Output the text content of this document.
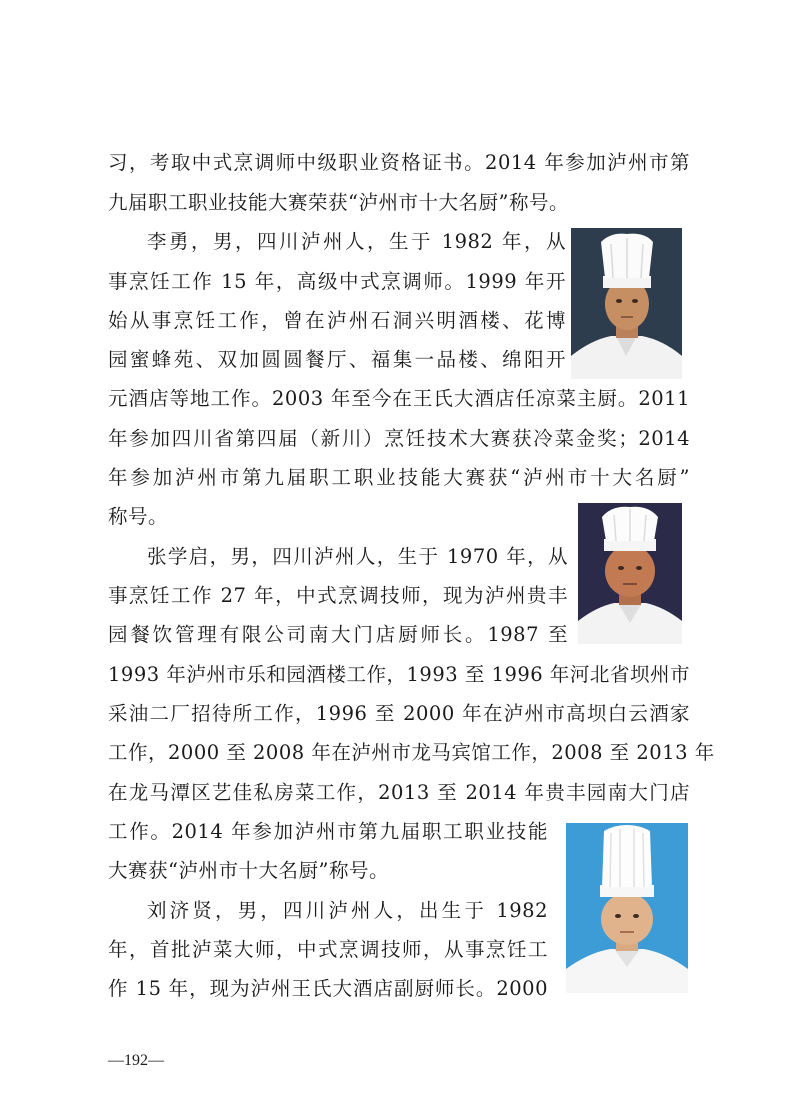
习，考取中式烹调师中级职业资格证书。2014 年参加泸州市第
九届职工职业技能大赛荣获“泸州市十大名厨”称号。
李勇，男，四川泸州人，生于 1982 年，从
事烹饪工作 15 年，高级中式烹调师。1999 年开
始从事烹饪工作，曾在泸州石洞兴明酒楼、花博
园蜜蜂苑、双加圆圆餐厅、福集一品楼、绵阳开
元酒店等地工作。2003 年至今在王氏大酒店任凉菜主厨。2011
年参加四川省第四届（新川）烹饪技术大赛获冷菜金奖；2014
年参加泸州市第九届职工职业技能大赛获“泸州市十大名厨”
称号。
张学启，男，四川泸州人，生于 1970 年，从
事烹饪工作 27 年，中式烹调技师，现为泸州贵丰
园餐饮管理有限公司南大门店厨师长。1987 至
1993 年泸州市乐和园酒楼工作，1993 至 1996 年河北省坝州市
采油二厂招待所工作，1996 至 2000 年在泸州市高坝白云酒家
工作，2000 至 2008 年在泸州市龙马宾馆工作，2008 至 2013 年
在龙马潭区艺佳私房菜工作，2013 至 2014 年贵丰园南大门店
工作。2014 年参加泸州市第九届职工职业技能
大赛获“泸州市十大名厨”称号。
刘济贤，男，四川泸州人，出生于 1982
年，首批泸菜大师，中式烹调技师，从事烹饪工
作 15 年，现为泸州王氏大酒店副厨师长。2000
—192—
